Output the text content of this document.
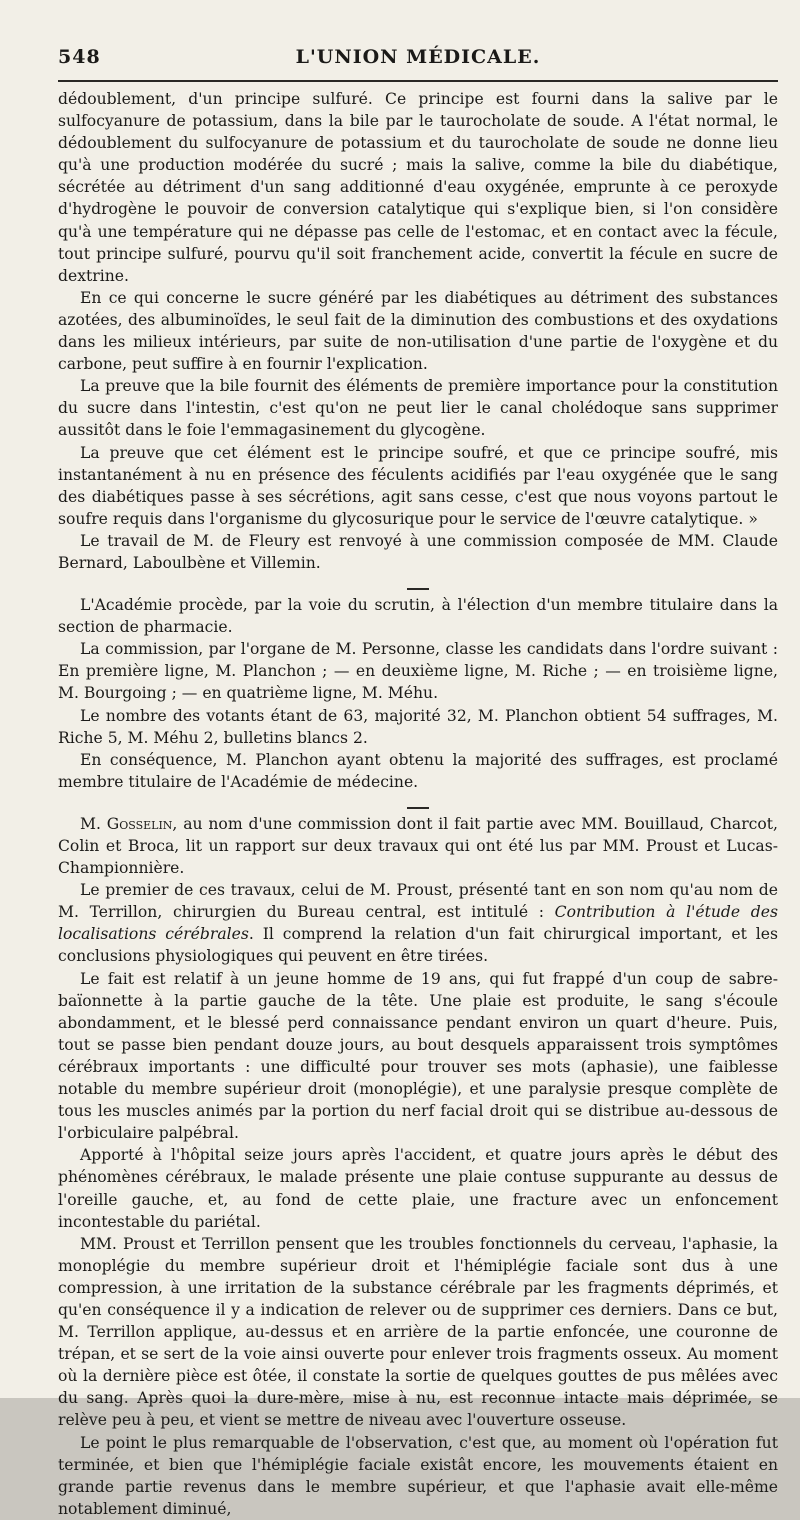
548	L'UNION MÉDICALE.

dédoublement, d'un principe sulfuré. Ce principe est fourni dans la salive par le sulfocyanure de potassium, dans la bile par le taurocholate de soude. A l'état normal, le dédoublement du sulfocyanure de potassium et du taurocholate de soude ne donne lieu qu'à une production modérée du sucré ; mais la salive, comme la bile du diabétique, sécrétée au détriment d'un sang additionné d'eau oxygénée, emprunte à ce peroxyde d'hydrogène le pouvoir de conversion catalytique qui s'explique bien, si l'on considère qu'à une température qui ne dépasse pas celle de l'estomac, et en contact avec la fécule, tout principe sulfuré, pourvu qu'il soit franchement acide, convertit la fécule en sucre de dextrine.

En ce qui concerne le sucre généré par les diabétiques au détriment des substances azotées, des albuminoïdes, le seul fait de la diminution des combustions et des oxydations dans les milieux intérieurs, par suite de non-utilisation d'une partie de l'oxygène et du carbone, peut suffire à en fournir l'explication.

La preuve que la bile fournit des éléments de première importance pour la constitution du sucre dans l'intestin, c'est qu'on ne peut lier le canal cholédoque sans supprimer aussitôt dans le foie l'emmagasinement du glycogène.

La preuve que cet élément est le principe soufré, et que ce principe soufré, mis instantanément à nu en présence des féculents acidifiés par l'eau oxygénée que le sang des diabétiques passe à ses sécrétions, agit sans cesse, c'est que nous voyons partout le soufre requis dans l'organisme du glycosurique pour le service de l'œuvre catalytique. »

Le travail de M. de Fleury est renvoyé à une commission composée de MM. Claude Bernard, Laboulbène et Villemin.

L'Académie procède, par la voie du scrutin, à l'élection d'un membre titulaire dans la section de pharmacie.

La commission, par l'organe de M. Personne, classe les candidats dans l'ordre suivant : En première ligne, M. Planchon ; — en deuxième ligne, M. Riche ; — en troisième ligne, M. Bourgoing ; — en quatrième ligne, M. Méhu.

Le nombre des votants étant de 63, majorité 32, M. Planchon obtient 54 suffrages, M. Riche 5, M. Méhu 2, bulletins blancs 2.

En conséquence, M. Planchon ayant obtenu la majorité des suffrages, est proclamé membre titulaire de l'Académie de médecine.

M. Gosselin, au nom d'une commission dont il fait partie avec MM. Bouillaud, Charcot, Colin et Broca, lit un rapport sur deux travaux qui ont été lus par MM. Proust et Lucas-Championnière.

Le premier de ces travaux, celui de M. Proust, présenté tant en son nom qu'au nom de M. Terrillon, chirurgien du Bureau central, est intitulé : Contribution à l'étude des localisations cérébrales. Il comprend la relation d'un fait chirurgical important, et les conclusions physiologiques qui peuvent en être tirées.

Le fait est relatif à un jeune homme de 19 ans, qui fut frappé d'un coup de sabre-baïonnette à la partie gauche de la tête. Une plaie est produite, le sang s'écoule abondamment, et le blessé perd connaissance pendant environ un quart d'heure. Puis, tout se passe bien pendant douze jours, au bout desquels apparaissent trois symptômes cérébraux importants : une difficulté pour trouver ses mots (aphasie), une faiblesse notable du membre supérieur droit (monoplégie), et une paralysie presque complète de tous les muscles animés par la portion du nerf facial droit qui se distribue au-dessous de l'orbiculaire palpébral.

Apporté à l'hôpital seize jours après l'accident, et quatre jours après le début des phénomènes cérébraux, le malade présente une plaie contuse suppurante au dessus de l'oreille gauche, et, au fond de cette plaie, une fracture avec un enfoncement incontestable du pariétal.

MM. Proust et Terrillon pensent que les troubles fonctionnels du cerveau, l'aphasie, la monoplégie du membre supérieur droit et l'hémiplégie faciale sont dus à une compression, à une irritation de la substance cérébrale par les fragments déprimés, et qu'en conséquence il y a indication de relever ou de supprimer ces derniers. Dans ce but, M. Terrillon applique, au-dessus et en arrière de la partie enfoncée, une couronne de trépan, et se sert de la voie ainsi ouverte pour enlever trois fragments osseux. Au moment où la dernière pièce est ôtée, il constate la sortie de quelques gouttes de pus mêlées avec du sang. Après quoi la dure-mère, mise à nu, est reconnue intacte mais déprimée, se relève peu à peu, et vient se mettre de niveau avec l'ouverture osseuse.

Le point le plus remarquable de l'observation, c'est que, au moment où l'opération fut terminée, et bien que l'hémiplégie faciale existât encore, les mouvements étaient en grande partie revenus dans le membre supérieur, et que l'aphasie avait elle-même notablement diminué,
